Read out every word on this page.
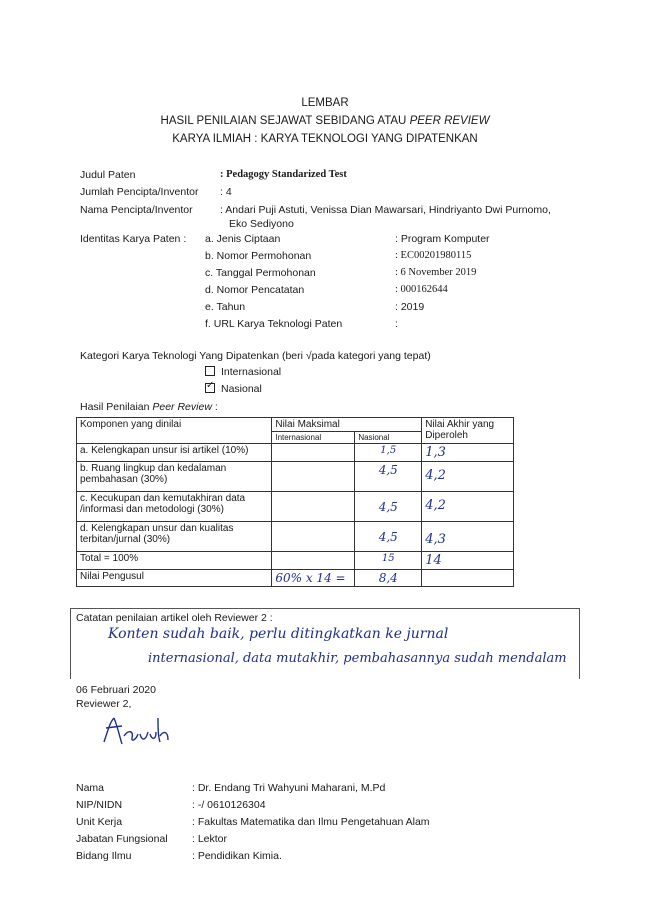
LEMBAR
HASIL PENILAIAN SEJAWAT SEBIDANG ATAU PEER REVIEW
KARYA ILMIAH : KARYA TEKNOLOGI YANG DIPATENKAN
Judul Paten	: Pedagogy Standarized Test
Jumlah Pencipta/Inventor : 4
Nama Pencipta/Inventor	: Andari Puji Astuti, Venissa Dian Mawarsari, Hindriyanto Dwi Purnomo,
Eko Sediyono
Identitas Karya Paten : a. Jenis Ciptaan	: Program Komputer
b. Nomor Permohonan	: EC00201980115
c. Tanggal Permohonan	: 6 November 2019
d. Nomor Pencatatan	: 000162644
e. Tahun	: 2019
f. URL Karya Teknologi Paten	:
Kategori Karya Teknologi Yang Dipatenkan (beri √pada kategori yang tepat)
Internasional
✓Nasional
Hasil Penilaian Peer Review :
Komponen yang dinilai	Nilai Maksimal		Nilai Akhir yang Diperoleh
	Internasional	Nasional	
a. Kelengkapan unsur isi artikel (10%)		1,5	1,3
b. Ruang lingkup dan kedalaman pembahasan (30%)		4,5	4,2
c. Kecukupan dan kemutakhiran data /informasi dan metodologi (30%)		4,5	4,2
d. Kelengkapan unsur dan kualitas terbitan/jurnal (30%)		4,5	4,3
Total = 100%		15	14
Nilai Pengusul	60% x 14 =	8,4	
Catatan penilaian artikel oleh Reviewer 2 :
Konten sudah baik, perlu ditingkatkan ke jurnal
internasional, data mutakhir, pembahasannya sudah mendalam
06 Februari 2020
Reviewer 2,
Nama	: Dr. Endang Tri Wahyuni Maharani, M.Pd
NIP/NIDN	: -/ 0610126304
Unit Kerja	: Fakultas Matematika dan Ilmu Pengetahuan Alam
Jabatan Fungsional : Lektor
Bidang Ilmu	: Pendidikan Kimia.
